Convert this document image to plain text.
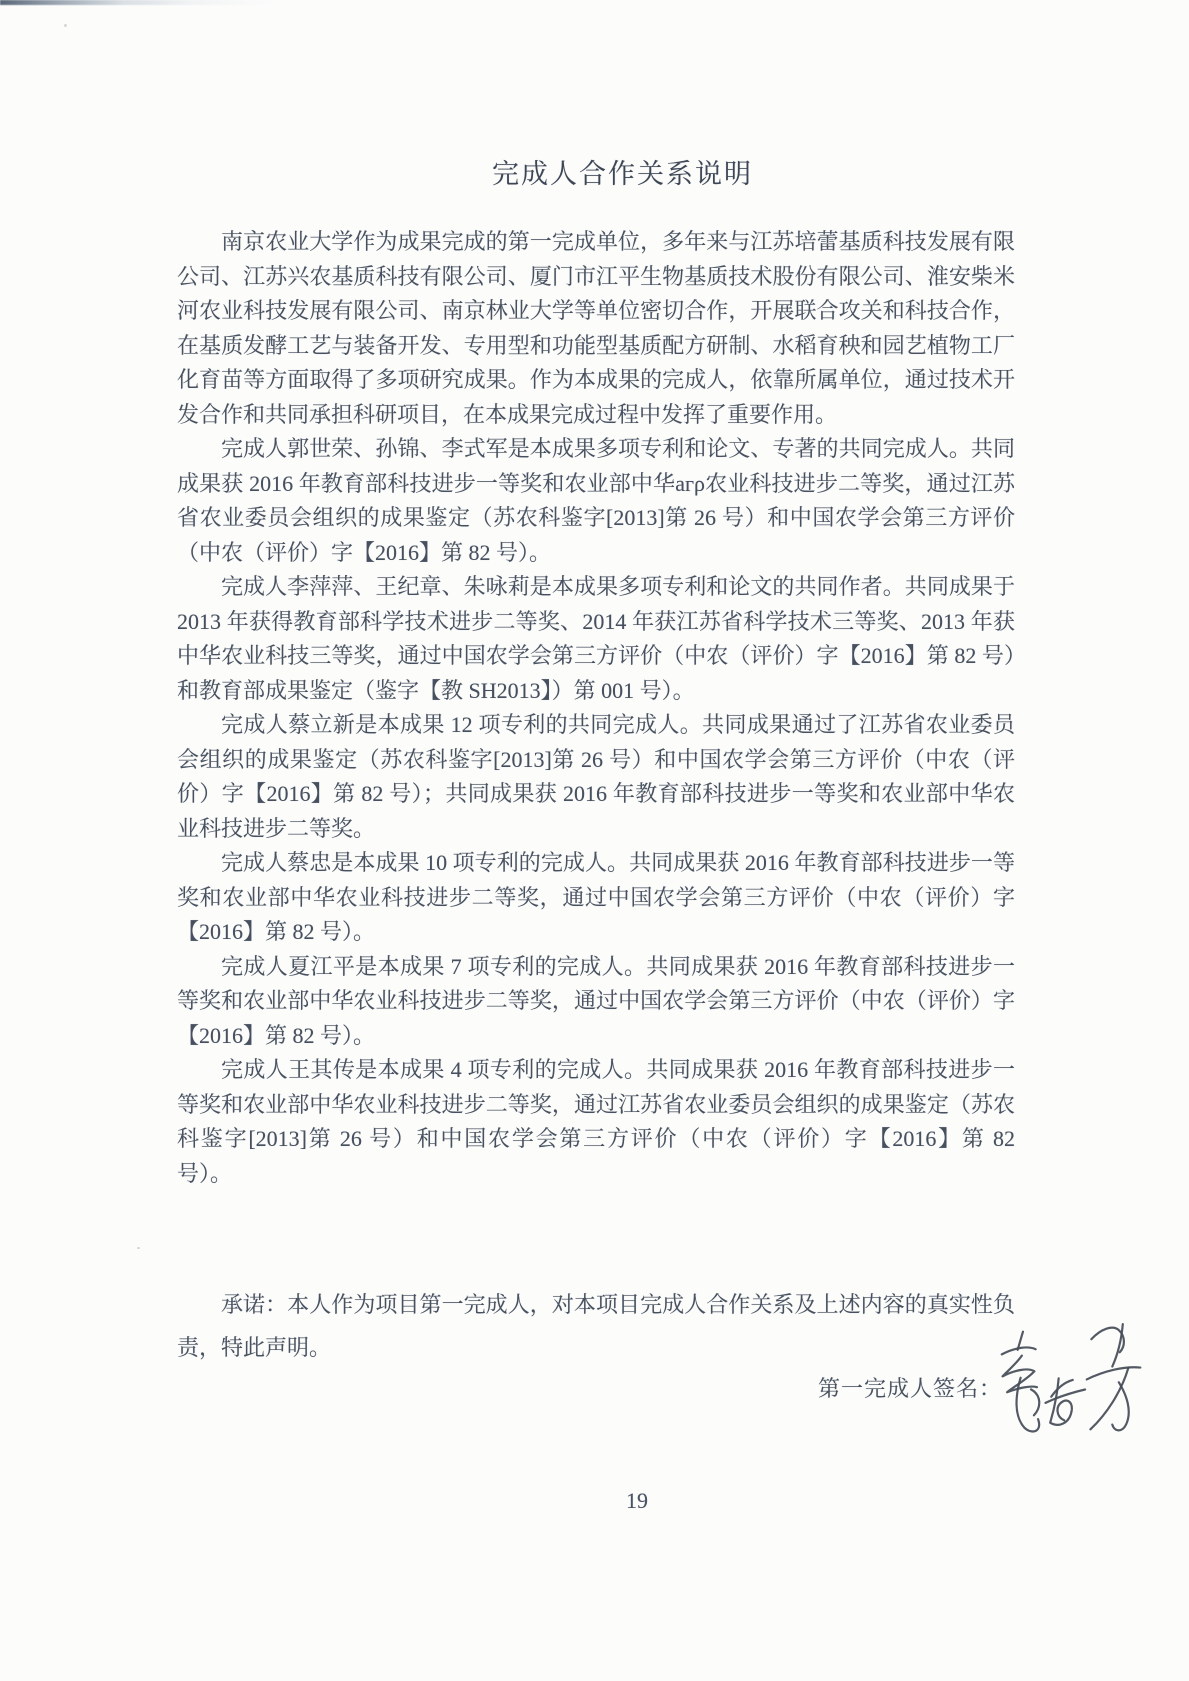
完成人合作关系说明

南京农业大学作为成果完成的第一完成单位，多年来与江苏培蕾基质科技发展有限公司、江苏兴农基质科技有限公司、厦门市江平生物基质技术股份有限公司、淮安柴米河农业科技发展有限公司、南京林业大学等单位密切合作，开展联合攻关和科技合作，在基质发酵工艺与装备开发、专用型和功能型基质配方研制、水稻育秧和园艺植物工厂化育苗等方面取得了多项研究成果。作为本成果的完成人，依靠所属单位，通过技术开发合作和共同承担科研项目，在本成果完成过程中发挥了重要作用。

完成人郭世荣、孙锦、李式军是本成果多项专利和论文、专著的共同完成人。共同成果获 2016 年教育部科技进步一等奖和农业部中华агρ农业科技进步二等奖，通过江苏省农业委员会组织的成果鉴定（苏农科鉴字[2013]第 26 号）和中国农学会第三方评价（中农（评价）字【2016】第 82 号）。

完成人李萍萍、王纪章、朱咏莉是本成果多项专利和论文的共同作者。共同成果于 2013 年获得教育部科学技术进步二等奖、2014 年获江苏省科学技术三等奖、2013 年获中华农业科技三等奖，通过中国农学会第三方评价（中农（评价）字【2016】第 82 号）和教育部成果鉴定（鉴字【教 SH2013】）第 001 号）。

完成人蔡立新是本成果 12 项专利的共同完成人。共同成果通过了江苏省农业委员会组织的成果鉴定（苏农科鉴字[2013]第 26 号）和中国农学会第三方评价（中农（评价）字【2016】第 82 号）；共同成果获 2016 年教育部科技进步一等奖和农业部中华农业科技进步二等奖。

完成人蔡忠是本成果 10 项专利的完成人。共同成果获 2016 年教育部科技进步一等奖和农业部中华农业科技进步二等奖，通过中国农学会第三方评价（中农（评价）字【2016】第 82 号）。

完成人夏江平是本成果 7 项专利的完成人。共同成果获 2016 年教育部科技进步一等奖和农业部中华农业科技进步二等奖，通过中国农学会第三方评价（中农（评价）字【2016】第 82 号）。

完成人王其传是本成果 4 项专利的完成人。共同成果获 2016 年教育部科技进步一等奖和农业部中华农业科技进步二等奖，通过江苏省农业委员会组织的成果鉴定（苏农科鉴字[2013]第 26 号）和中国农学会第三方评价（中农（评价）字【2016】第 82 号）。

承诺：本人作为项目第一完成人，对本项目完成人合作关系及上述内容的真实性负责，特此声明。
第一完成人签名：
19
